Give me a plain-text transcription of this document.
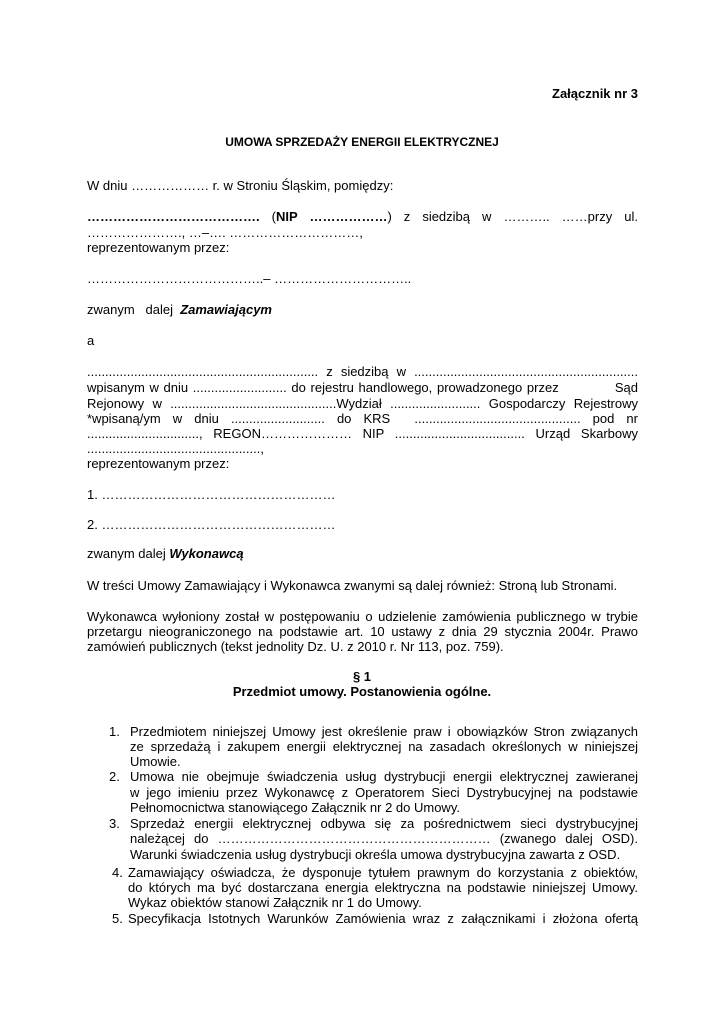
Załącznik nr 3
UMOWA SPRZEDAŻY ENERGII ELEKTRYCZNEJ
W dniu ……………… r. w Stroniu Śląskim, pomiędzy:
…………………………………. (NIP ………………) z siedzibą w ……….. ……przy ul.
…………………., …–…. …………………………,
reprezentowanym przez:
…………………………………..– …………………………..
zwanym   dalej  Zamawiającym
a
................................................................ z siedzibą w ..............................................................
wpisanym w dniu .......................... do rejestru handlowego, prowadzonego przez            Sąd
Rejonowy w ..............................................Wydział ......................... Gospodarczy Rejestrowy
*wpisaną/ym  w  dniu  ..........................  do  KRS    ..............................................  pod  nr
..............................., REGON………………… NIP .................................... Urząd Skarbowy
................................................,
reprezentowanym przez:
1. ………………………………………………
2. ………………………………………………
zwanym dalej Wykonawcą
W treści Umowy Zamawiający i Wykonawca zwanymi są dalej również: Stroną lub Stronami.
Wykonawca wyłoniony został w postępowaniu o udzielenie zamówienia publicznego w trybie
przetargu nieograniczonego na podstawie art. 10 ustawy z dnia 29 stycznia 2004r. Prawo
zamówień publicznych (tekst jednolity Dz. U. z 2010 r. Nr 113, poz. 759).
§ 1
Przedmiot umowy. Postanowienia ogólne.
1. Przedmiotem niniejszej Umowy jest określenie praw i obowiązków Stron związanych
ze sprzedażą i zakupem energii elektrycznej na zasadach określonych w niniejszej
Umowie.
2. Umowa nie obejmuje świadczenia usług dystrybucji energii elektrycznej zawieranej
w jego imieniu przez Wykonawcę z Operatorem Sieci Dystrybucyjnej na podstawie
Pełnomocnictwa stanowiącego Załącznik nr 2 do Umowy.
3. Sprzedaż energii elektrycznej odbywa się za pośrednictwem sieci dystrybucyjnej
należącej do ……………………………………………………… (zwanego dalej OSD).
Warunki świadczenia usług dystrybucji określa umowa dystrybucyjna zawarta z OSD.
4. Zamawiający oświadcza, że dysponuje tytułem prawnym do korzystania z obiektów,
do których ma być dostarczana energia elektryczna na podstawie niniejszej Umowy.
Wykaz obiektów stanowi Załącznik nr 1 do Umowy.
5. Specyfikacja Istotnych Warunków Zamówienia wraz z załącznikami i złożona ofertą
